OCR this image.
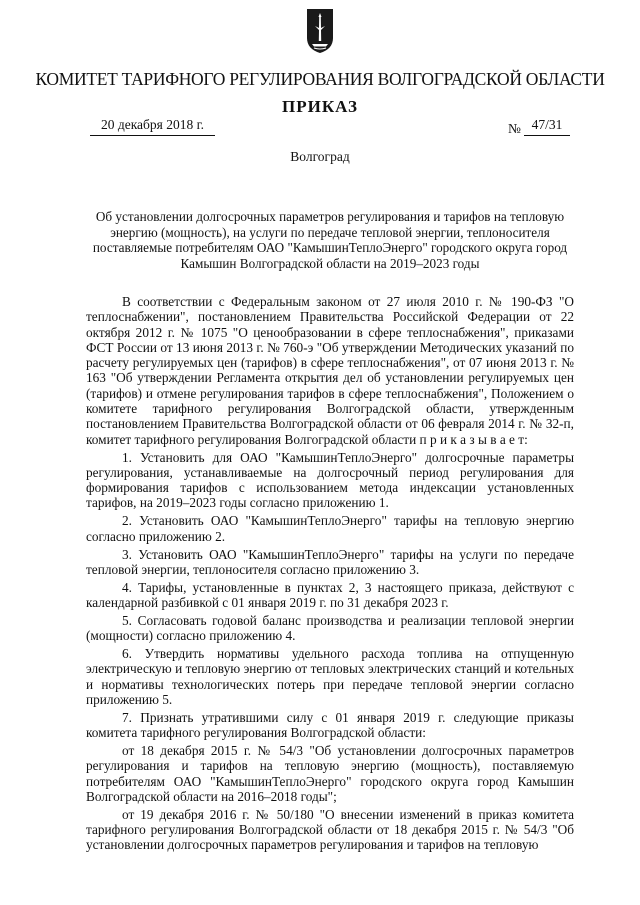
КОМИТЕТ ТАРИФНОГО РЕГУЛИРОВАНИЯ ВОЛГОГРАДСКОЙ ОБЛАСТИ
ПРИКАЗ
20 декабря 2018 г.	№ 47/31
Волгоград
Об установлении долгосрочных параметров регулирования и тарифов на тепловую энергию (мощность), на услуги по передаче тепловой энергии, теплоносителя поставляемые потребителям ОАО "КамышинТеплоЭнерго" городского округа город Камышин Волгоградской области на 2019–2023 годы

В соответствии с Федеральным законом от 27 июля 2010 г. № 190-ФЗ "О теплоснабжении", постановлением Правительства Российской Федерации от 22 октября 2012 г. № 1075 "О ценообразовании в сфере теплоснабжения", приказами ФСТ России от 13 июня 2013 г. № 760-э "Об утверждении Методических указаний по расчету регулируемых цен (тарифов) в сфере теплоснабжения", от 07 июня 2013 г. № 163 "Об утверждении Регламента открытия дел об установлении регулируемых цен (тарифов) и отмене регулирования тарифов в сфере теплоснабжения", Положением о комитете тарифного регулирования Волгоградской области, утвержденным постановлением Правительства Волгоградской области от 06 февраля 2014 г. № 32-п, комитет тарифного регулирования Волгоградской области п р и к а з ы в а е т:

1. Установить для ОАО "КамышинТеплоЭнерго" долгосрочные параметры регулирования, устанавливаемые на долгосрочный период регулирования для формирования тарифов с использованием метода индексации установленных тарифов, на 2019–2023 годы согласно приложению 1.

2. Установить ОАО "КамышинТеплоЭнерго" тарифы на тепловую энергию согласно приложению 2.

3. Установить ОАО "КамышинТеплоЭнерго" тарифы на услуги по передаче тепловой энергии, теплоносителя согласно приложению 3.

4. Тарифы, установленные в пунктах 2, 3 настоящего приказа, действуют с календарной разбивкой с 01 января 2019 г. по 31 декабря 2023 г.

5. Согласовать годовой баланс производства и реализации тепловой энергии (мощности) согласно приложению 4.

6. Утвердить нормативы удельного расхода топлива на отпущенную электрическую и тепловую энергию от тепловых электрических станций и котельных и нормативы технологических потерь при передаче тепловой энергии согласно приложению 5.

7. Признать утратившими силу с 01 января 2019 г. следующие приказы комитета тарифного регулирования Волгоградской области:

от 18 декабря 2015 г. № 54/3 "Об установлении долгосрочных параметров регулирования и тарифов на тепловую энергию (мощность), поставляемую потребителям ОАО "КамышинТеплоЭнерго" городского округа город Камышин Волгоградской области на 2016–2018 годы";

от 19 декабря 2016 г. № 50/180 "О внесении изменений в приказ комитета тарифного регулирования Волгоградской области от 18 декабря 2015 г. № 54/3 "Об установлении долгосрочных параметров регулирования и тарифов на тепловую
